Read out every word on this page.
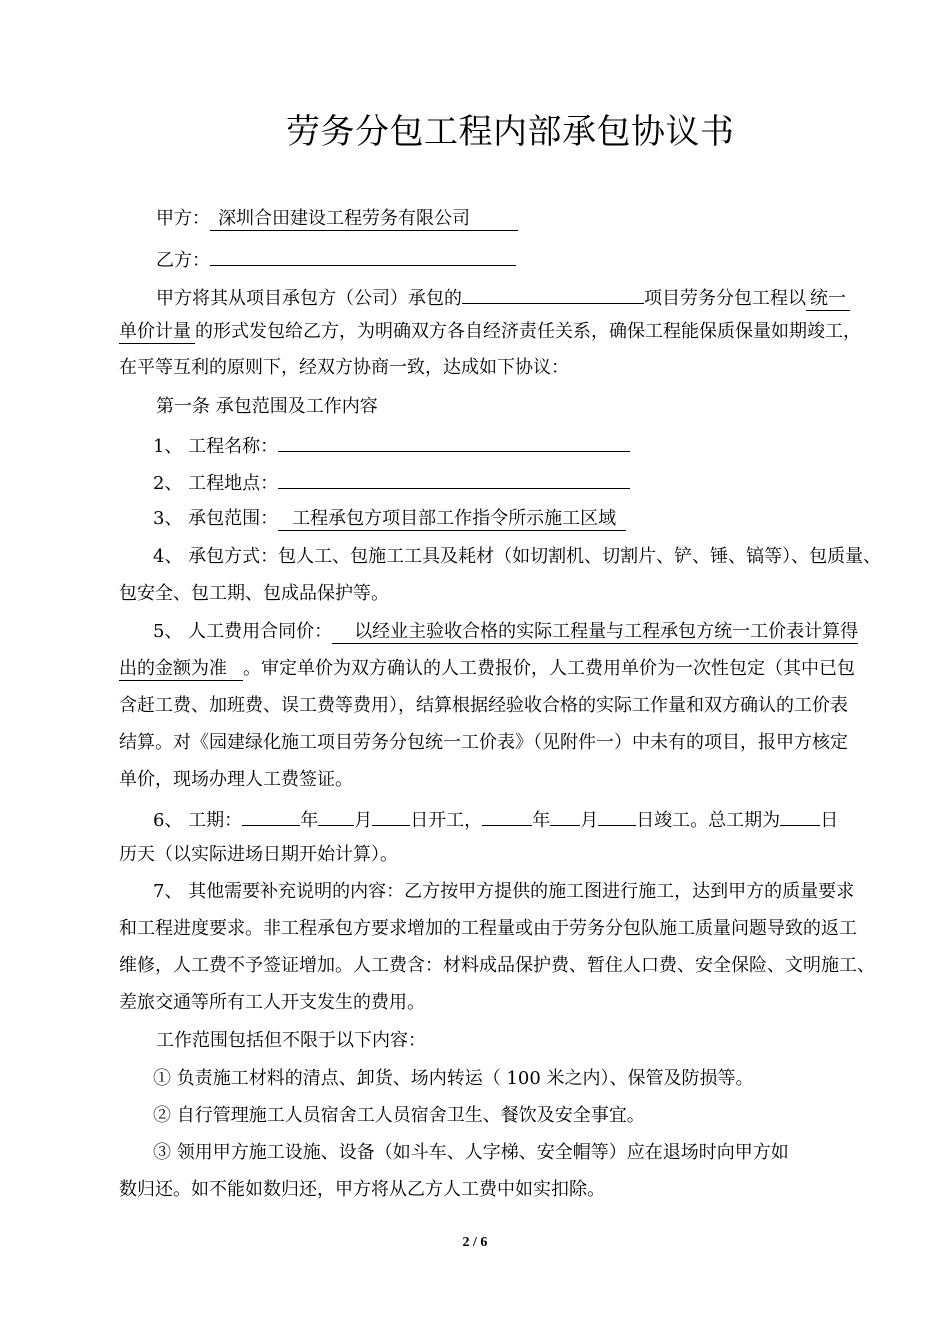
劳务分包工程内部承包协议书
甲方： 深圳合田建设工程劳务有限公司
乙方：
甲方将其从项目承包方（公司）承包的	项目劳务分包工程以 统一
单价计量 的形式发包给乙方，为明确双方各自经济责任关系，确保工程能保质保量如期竣工，
在平等互利的原则下，经双方协商一致，达成如下协议：
第一条 承包范围及工作内容
1、 工程名称：
2、 工程地点：
3、 承包范围： 工程承包方项目部工作指令所示施工区域
4、 承包方式：包人工、包施工工具及耗材（如切割机、切割片、铲、锤、镐等）、包质量、
包安全、包工期、包成品保护等。
5、 人工费用合同价： 以经业主验收合格的实际工程量与工程承包方统一工价表计算得
出的金额为准 。审定单价为双方确认的人工费报价，人工费用单价为一次性包定（其中已包
含赶工费、加班费、误工费等费用），结算根据经验收合格的实际工作量和双方确认的工价表
结算。对《园建绿化施工项目劳务分包统一工价表》（见附件一）中未有的项目，报甲方核定
单价，现场办理人工费签证。
6、 工期：	年 月 日开工，	年 月 日竣工。总工期为 日
历天（以实际进场日期开始计算）。
7、 其他需要补充说明的内容：乙方按甲方提供的施工图进行施工，达到甲方的质量要求
和工程进度要求。非工程承包方要求增加的工程量或由于劳务分包队施工质量问题导致的返工
维修，人工费不予签证增加。人工费含：材料成品保护费、暂住人口费、安全保险、文明施工、
差旅交通等所有工人开支发生的费用。
工作范围包括但不限于以下内容：
① 负责施工材料的清点、卸货、场内转运（ 100 米之内）、保管及防损等。
② 自行管理施工人员宿舍工人员宿舍卫生、餐饮及安全事宜。
③ 领用甲方施工设施、设备（如斗车、人字梯、安全帽等）应在退场时向甲方如
数归还。如不能如数归还，甲方将从乙方人工费中如实扣除。
2 / 6
